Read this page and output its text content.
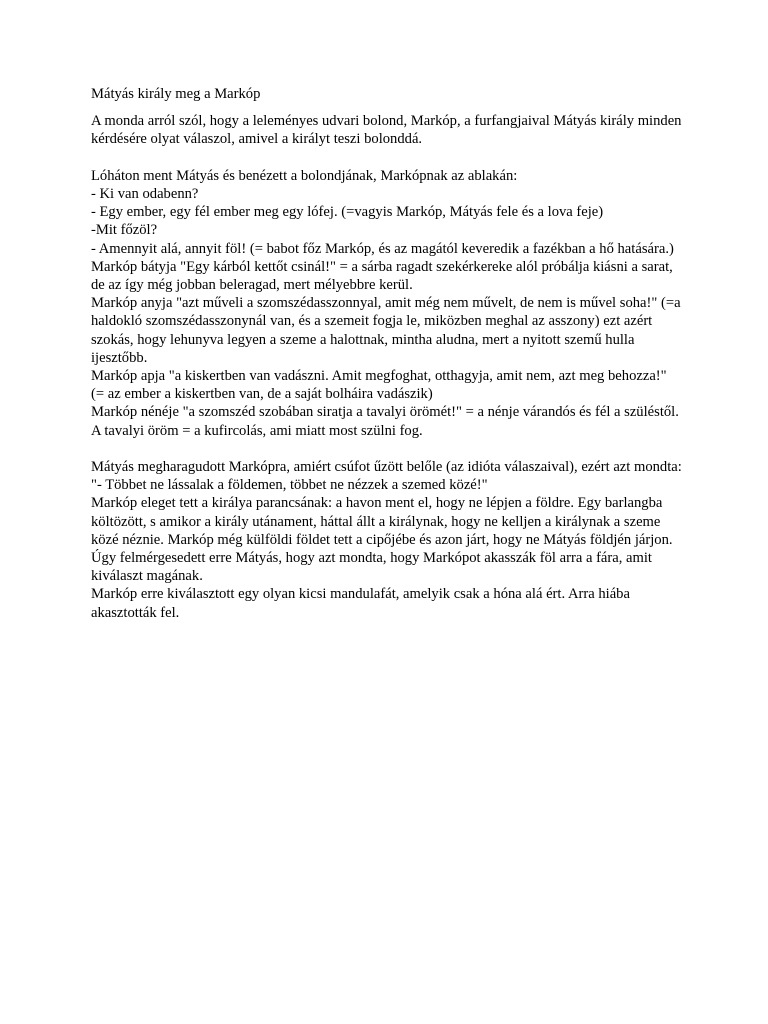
Mátyás király meg a Markóp

A monda arról szól, hogy a leleményes udvari bolond, Markóp, a furfangjaival Mátyás király minden kérdésére olyat válaszol, amivel a királyt teszi bolonddá.

Lóháton ment Mátyás és benézett a bolondjának, Markópnak az ablakán:
- Ki van odabenn?
- Egy ember, egy fél ember meg egy lófej. (=vagyis Markóp, Mátyás fele és a lova feje)
-Mit főzöl?
- Amennyit alá, annyit föl! (= babot főz Markóp, és az magától keveredik a fazékban a hő hatására.)
Markóp bátyja "Egy kárból kettőt csinál!" = a sárba ragadt szekérkereke alól próbálja kiásni a sarat, de az így még jobban beleragad, mert mélyebbre kerül.
Markóp anyja "azt műveli a szomszédasszonnyal, amit még nem művelt, de nem is művel soha!" (=a haldokló szomszédasszonynál van, és a szemeit fogja le, miközben meghal az asszony) ezt azért szokás, hogy lehunyva legyen a szeme a halottnak, mintha aludna, mert a nyitott szemű hulla ijesztőbb.
Markóp apja "a kiskertben van vadászni. Amit megfoghat, otthagyja, amit nem, azt meg behozza!" (= az ember a kiskertben van, de a saját bolháira vadászik)
Markóp nénéje "a szomszéd szobában siratja a tavalyi örömét!" = a nénje várandós és fél a szüléstől. A tavalyi öröm = a kufircolás, ami miatt most szülni fog.
Mátyás megharagudott Markópra, amiért csúfot űzött belőle (az idióta válaszaival), ezért azt mondta:
"- Többet ne lássalak a földemen, többet ne nézzek a szemed közé!"
Markóp eleget tett a királya parancsának: a havon ment el, hogy ne lépjen a földre. Egy barlangba költözött, s amikor a király utánament, háttal állt a királynak, hogy ne kelljen a királynak a szeme közé néznie. Markóp még külföldi földet tett a cipőjébe és azon járt, hogy ne Mátyás földjén járjon.
Úgy felmérgesedett erre Mátyás, hogy azt mondta, hogy Markópot akasszák föl arra a fára, amit kiválaszt magának.
Markóp erre kiválasztott egy olyan kicsi mandulafát, amelyik csak a hóna alá ért. Arra hiába akasztották fel.
